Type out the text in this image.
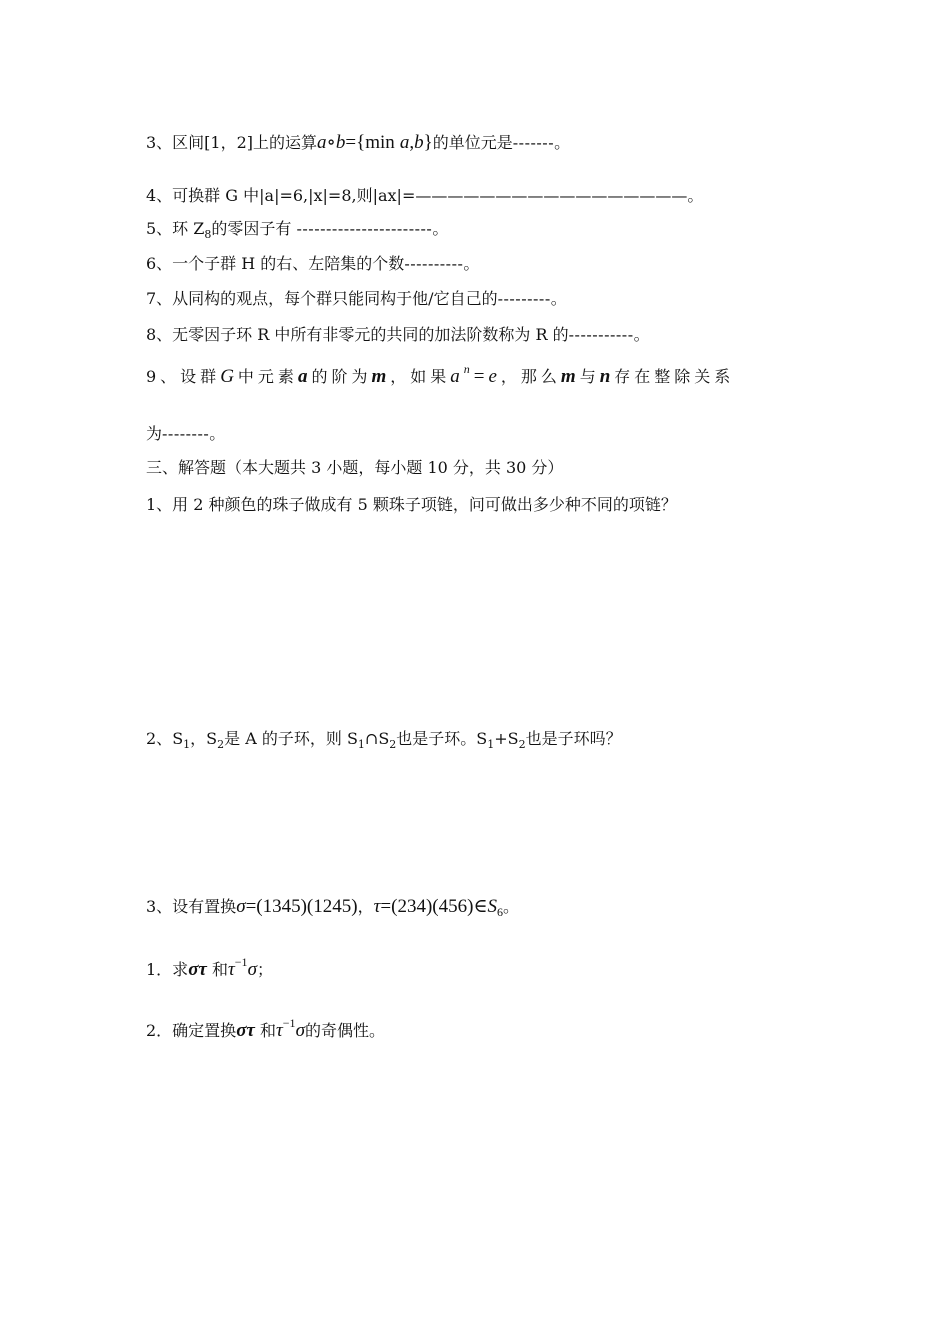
3、区间[1，2]上的运算a∘b={min a,b}的单位元是-------。
4、可换群 G 中|a|=6,|x|=8,则|ax|=—————————————————。
5、环 $Z_8$的零因子有 -----------------------。
6、一个子群 H 的右、左陪集的个数----------。
7、从同构的观点，每个群只能同构于他/它自己的---------。
8、无零因子环 R 中所有非零元的共同的加法阶数称为 R 的-----------。
9、设群G中元素a的阶为m，如果$a^n=e$，那么m与n存在整除关系
为--------。
三、解答题（本大题共 3 小题，每小题 10 分，共 30 分）
1、用 2 种颜色的珠子做成有 5 颗珠子项链，问可做出多少种不同的项链？
2、$S_1$，$S_2$是 A 的子环，则 $S_1\cap S_2$也是子环。$S_1+S_2$也是子环吗？
3、设有置换σ=(1345)(1245)，$\tau=(234)(456)\in S_6$。
1．求στ 和$\tau^{-1}\sigma$；
2．确定置换στ 和$\tau^{-1}\sigma$的奇偶性。
